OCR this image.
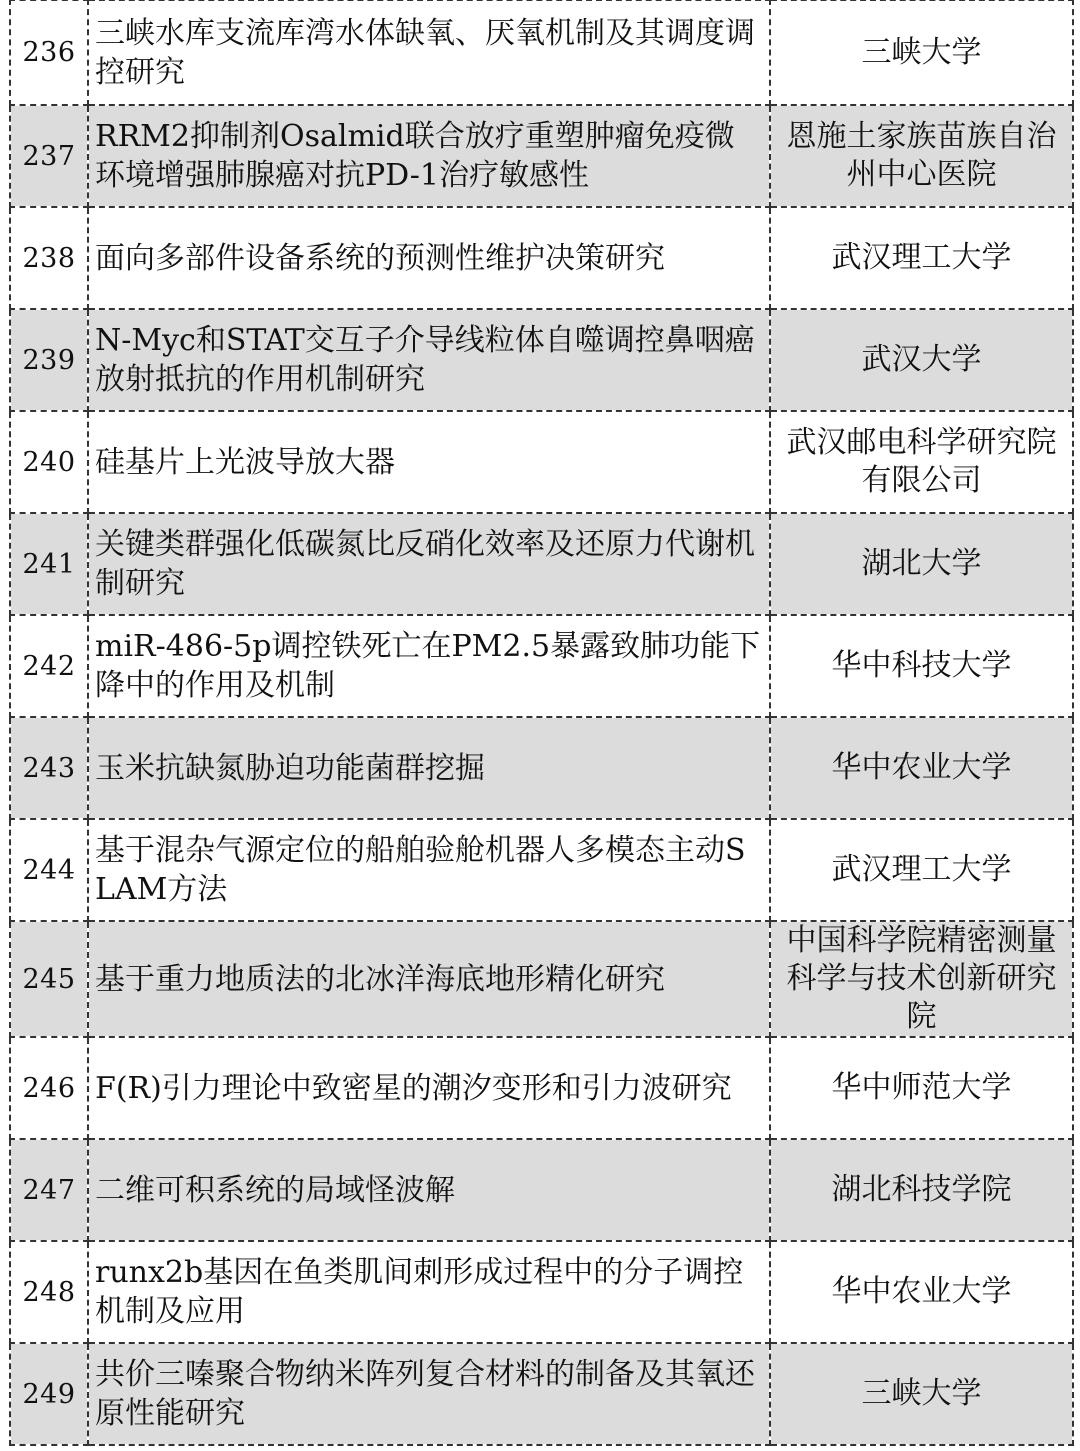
236	三峡水库支流库湾水体缺氧、厌氧机制及其调度调控研究	三峡大学
237	RRM2抑制剂Osalmid联合放疗重塑肿瘤免疫微环境增强肺腺癌对抗PD-1治疗敏感性	恩施土家族苗族自治州中心医院
238	面向多部件设备系统的预测性维护决策研究	武汉理工大学
239	N-Myc和STAT交互子介导线粒体自噬调控鼻咽癌放射抵抗的作用机制研究	武汉大学
240	硅基片上光波导放大器	武汉邮电科学研究院有限公司
241	关键类群强化低碳氮比反硝化效率及还原力代谢机制研究	湖北大学
242	miR-486-5p调控铁死亡在PM2.5暴露致肺功能下降中的作用及机制	华中科技大学
243	玉米抗缺氮胁迫功能菌群挖掘	华中农业大学
244	基于混杂气源定位的船舶验舱机器人多模态主动SLAM方法	武汉理工大学
245	基于重力地质法的北冰洋海底地形精化研究	中国科学院精密测量科学与技术创新研究院
246	F(R)引力理论中致密星的潮汐变形和引力波研究	华中师范大学
247	二维可积系统的局域怪波解	湖北科技学院
248	runx2b基因在鱼类肌间刺形成过程中的分子调控机制及应用	华中农业大学
249	共价三嗪聚合物纳米阵列复合材料的制备及其氧还原性能研究	三峡大学
